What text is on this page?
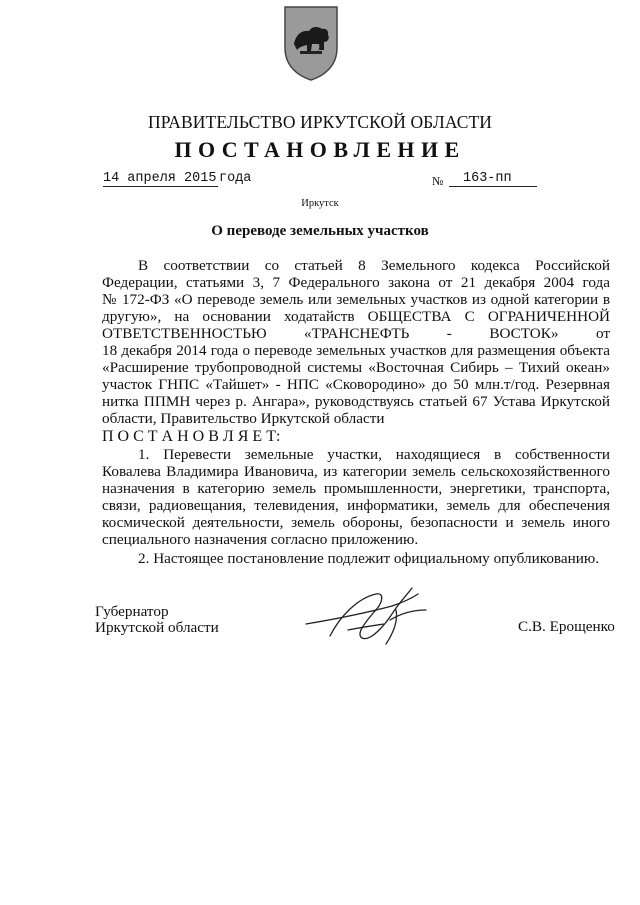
ПРАВИТЕЛЬСТВО ИРКУТСКОЙ ОБЛАСТИ
ПОСТАНОВЛЕНИЕ
14 апреля 2015 года	№	163-пп
Иркутск
О переводе земельных участков
В соответствии со статьей 8 Земельного кодекса Российской
Федерации, статьями 3, 7 Федерального закона от 21 декабря 2004 года
№ 172-ФЗ «О переводе земель или земельных участков из одной категории в
другую», на основании ходатайств ОБЩЕСТВА С ОГРАНИЧЕННОЙ
ОТВЕТСТВЕННОСТЬЮ «ТРАНСНЕФТЬ - ВОСТОК» от
18 декабря 2014 года о переводе земельных участков для размещения объекта
«Расширение трубопроводной системы «Восточная Сибирь – Тихий океан»
участок ГНПС «Тайшет» - НПС «Сковородино» до 50 млн.т/год. Резервная
нитка ППМН через р. Ангара», руководствуясь статьей 67 Устава Иркутской
области, Правительство Иркутской области
П О С Т А Н О В Л Я Е Т:
1. Перевести земельные участки, находящиеся в собственности
Ковалева Владимира Ивановича, из категории земель сельскохозяйственного
назначения в категорию земель промышленности, энергетики, транспорта,
связи, радиовещания, телевидения, информатики, земель для обеспечения
космической деятельности, земель обороны, безопасности и земель иного
специального назначения согласно приложению.
2. Настоящее постановление подлежит официальному опубликованию.
Губернатор
Иркутской области	С.В. Ерощенко
